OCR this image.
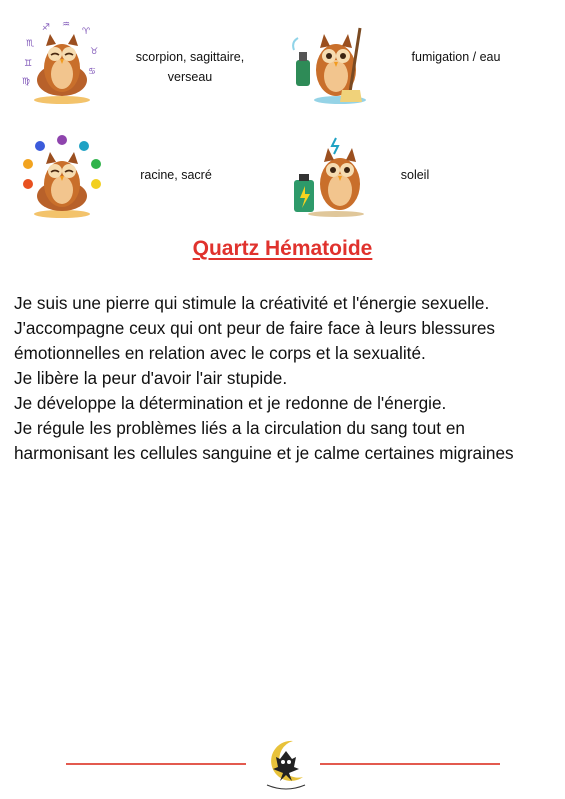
♏
♐ ♒
♈
♉
♋
♊
♍
scorpion, sagittaire,
verseau
fumigation / eau
racine, sacré	soleil
Quartz Hématoide

Je suis une pierre qui stimule la créativité et l'énergie sexuelle.

J'accompagne ceux qui ont peur de faire face à leurs blessures émotionnelles en relation avec le corps et la sexualité.

Je libère la peur d'avoir l'air stupide.

Je développe la détermination et je redonne de l'énergie.

Je régule les problèmes liés a la circulation du sang tout en harmonisant les cellules sanguine et je calme certaines migraines
